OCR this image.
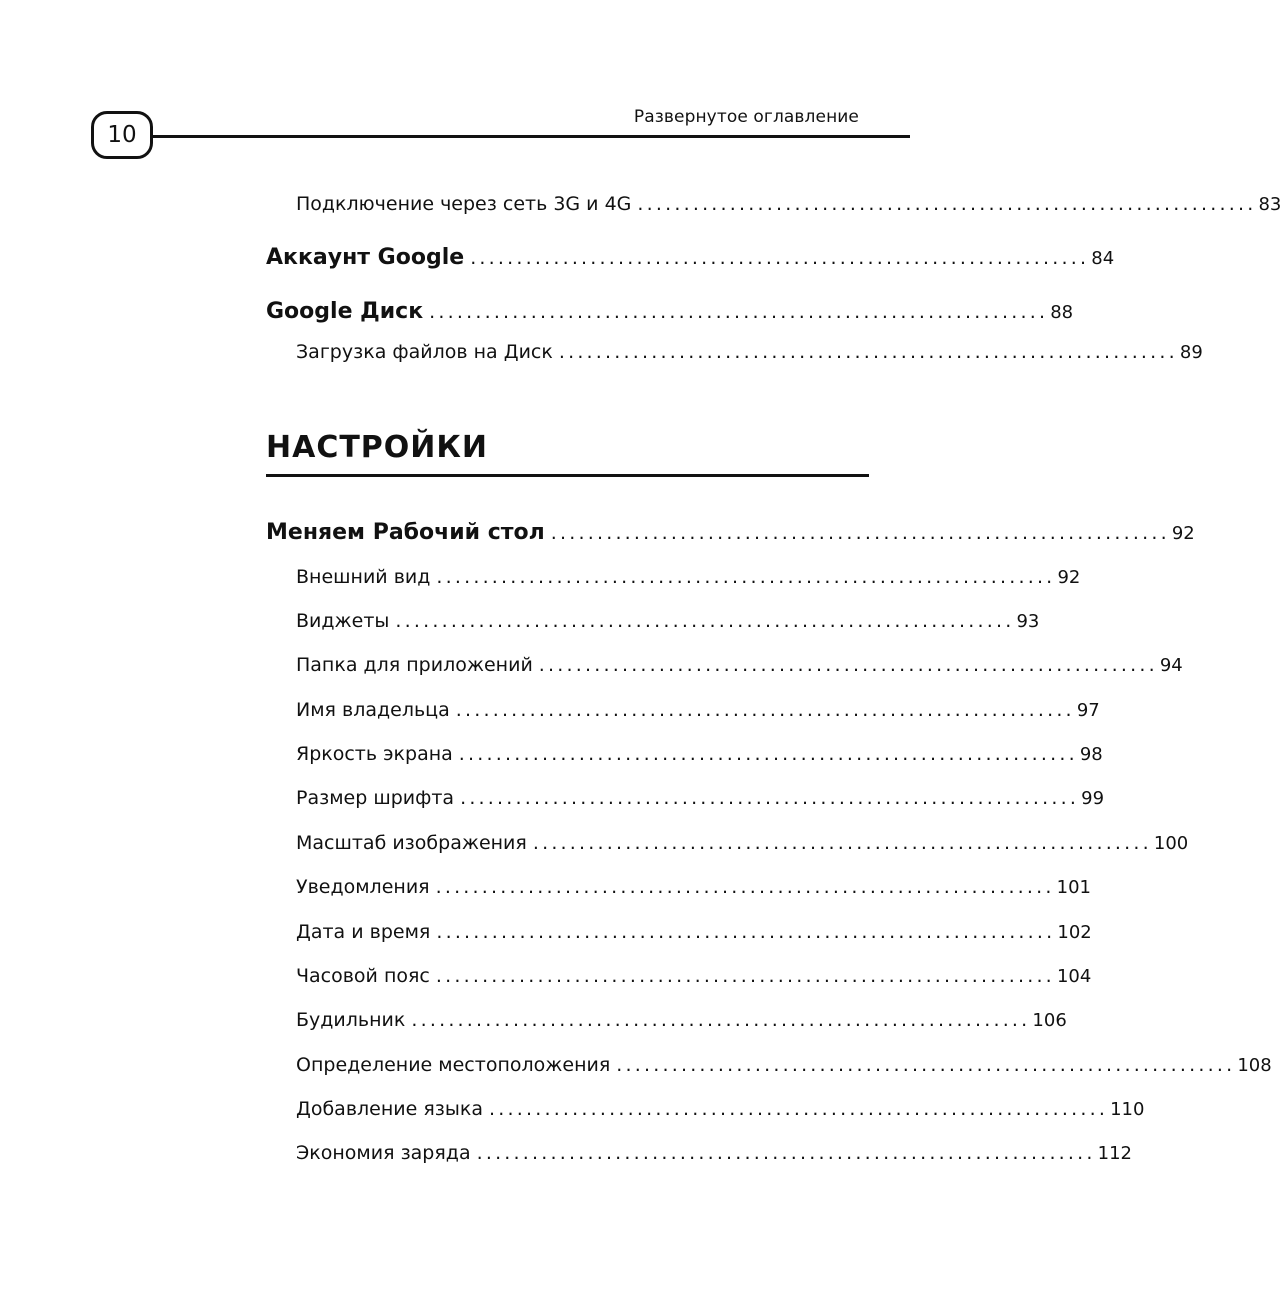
10
Развернутое оглавление
Подключение через сеть 3G и 4G ................................................................... 83
Аккаунт Google ................................................................... 84
Google Диск ................................................................... 88
Загрузка файлов на Диск ................................................................... 89
НАСТРОЙКИ
Меняем Рабочий стол ................................................................... 92
Внешний вид ................................................................... 92
Виджеты ................................................................... 93
Папка для приложений ................................................................... 94
Имя владельца ................................................................... 97
Яркость экрана ................................................................... 98
Размер шрифта ................................................................... 99
Масштаб изображения ................................................................... 100
Уведомления ................................................................... 101
Дата и время ................................................................... 102
Часовой пояс ................................................................... 104
Будильник ................................................................... 106
Определение местоположения ................................................................... 108
Добавление языка ................................................................... 110
Экономия заряда ................................................................... 112
